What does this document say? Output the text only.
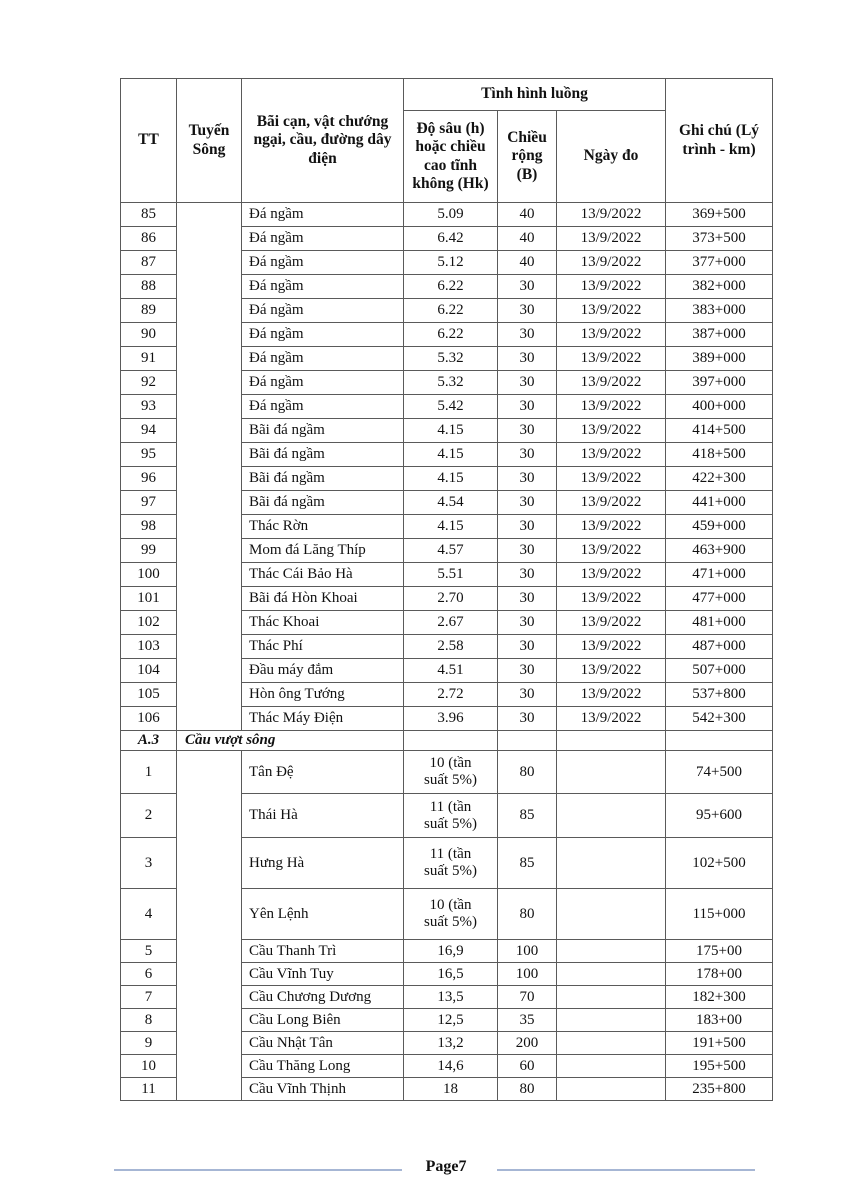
TT	Tuyến Sông	Bãi cạn, vật chướng ngại, cầu, đường dây điện	Tình hình luồng			Ghi chú (Lý trình - km)
			Độ sâu (h) hoặc chiều cao tĩnh không (Hk)	Chiều rộng (B)	Ngày đo	
85		Đá ngầm	5.09	40	13/9/2022	369+500
86		Đá ngầm	6.42	40	13/9/2022	373+500
87		Đá ngầm	5.12	40	13/9/2022	377+000
88		Đá ngầm	6.22	30	13/9/2022	382+000
89		Đá ngầm	6.22	30	13/9/2022	383+000
90		Đá ngầm	6.22	30	13/9/2022	387+000
91		Đá ngầm	5.32	30	13/9/2022	389+000
92		Đá ngầm	5.32	30	13/9/2022	397+000
93		Đá ngầm	5.42	30	13/9/2022	400+000
94		Bãi đá ngầm	4.15	30	13/9/2022	414+500
95		Bãi đá ngầm	4.15	30	13/9/2022	418+500
96		Bãi đá ngầm	4.15	30	13/9/2022	422+300
97		Bãi đá ngầm	4.54	30	13/9/2022	441+000
98		Thác Rờn	4.15	30	13/9/2022	459+000
99		Mom đá Lăng Thíp	4.57	30	13/9/2022	463+900
100		Thác Cái Bảo Hà	5.51	30	13/9/2022	471+000
101		Bãi đá Hòn Khoai	2.70	30	13/9/2022	477+000
102		Thác Khoai	2.67	30	13/9/2022	481+000
103		Thác Phí	2.58	30	13/9/2022	487+000
104		Đầu máy đắm	4.51	30	13/9/2022	507+000
105		Hòn ông Tướng	2.72	30	13/9/2022	537+800
106		Thác Máy Điện	3.96	30	13/9/2022	542+300
A.3	Cầu vượt sông					
1		Tân Đệ	10 (tần suất 5%)	80		74+500
2		Thái Hà	11 (tần suất 5%)	85		95+600
3		Hưng Hà	11 (tần suất 5%)	85		102+500
4		Yên Lệnh	10 (tần suất 5%)	80		115+000
5		Cầu Thanh Trì	16,9	100		175+00
6		Cầu Vĩnh Tuy	16,5	100		178+00
7		Cầu Chương Dương	13,5	70		182+300
8		Cầu Long Biên	12,5	35		183+00
9		Cầu Nhật Tân	13,2	200		191+500
10		Cầu Thăng Long	14,6	60		195+500
11		Cầu Vĩnh Thịnh	18	80		235+800
Page7
